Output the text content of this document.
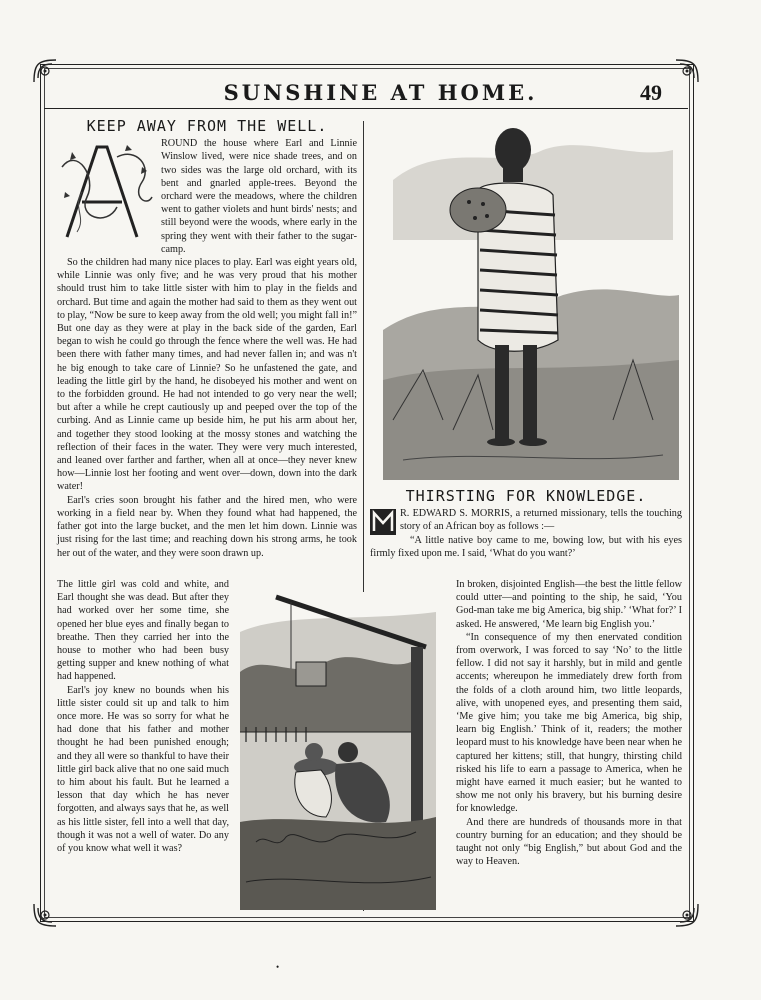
SUNSHINE AT HOME.	49
KEEP AWAY FROM THE WELL.

ROUND the house where Earl and Linnie Winslow lived, were nice shade trees, and on two sides was the large old orchard, with its bent and gnarled apple-trees. Beyond the orchard were the meadows, where the children went to gather violets and hunt birds' nests; and still beyond were the woods, where early in the spring they went with their father to the sugar-camp.

So the children had many nice places to play. Earl was eight years old, while Linnie was only five; and he was very proud that his mother should trust him to take little sister with him to play in the fields and orchard. But time and again the mother had said to them as they went out to play, “Now be sure to keep away from the old well; you might fall in!” But one day as they were at play in the back side of the garden, Earl began to wish he could go through the fence where the well was. He had been there with father many times, and had never fallen in; and was n't he big enough to take care of Linnie? So he unfastened the gate, and leading the little girl by the hand, he disobeyed his mother and went on to the forbidden ground. He had not intended to go very near the well; but after a while he crept cautiously up and peeped over the top of the curbing. And as Linnie came up beside him, he put his arm about her, and together they stood looking at the mossy stones and watching the reflection of their faces in the water. They were very much interested, and leaned over farther and farther, when all at once—they never knew how—Linnie lost her footing and went over—down, down into the dark water!

Earl's cries soon brought his father and the hired men, who were working in a field near by. When they found what had happened, the father got into the large bucket, and the men let him down. Linnie was just rising for the last time; and reaching down his strong arms, he took her out of the water, and they were soon drawn up.

The little girl was cold and white, and Earl thought she was dead. But after they had worked over her some time, she opened her blue eyes and finally began to breathe. Then they carried her into the house to mother who had been busy getting supper and knew nothing of what had happened.

Earl's joy knew no bounds when his little sister could sit up and talk to him once more. He was so sorry for what he had done that his father and mother thought he had been punished enough; and they all were so thankful to have their little girl back alive that no one said much to him about his fault. But he learned a lesson that day which he has never forgotten, and always says that he, as well as his little sister, fell into a well that day, though it was not a well of water. Do any of you know what well it was?

THIRSTING FOR KNOWLEDGE.

R. EDWARD S. MORRIS, a returned missionary, tells the touching story of an African boy as follows :—

“A little native boy came to me, bowing low, but with his eyes firmly fixed upon me. I said, ‘What do you want?’

In broken, disjointed English—the best the little fellow could utter—and pointing to the ship, he said, ‘You God-man take me big America, big ship.’ ‘What for?’ I asked. He answered, ‘Me learn big English you.’

“In consequence of my then enervated condition from overwork, I was forced to say ‘No’ to the little fellow. I did not say it harshly, but in mild and gentle accents; whereupon he immediately drew forth from the folds of a cloth around him, two little leopards, alive, with unopened eyes, and presenting them said, ‘Me give him; you take me big America, big ship, learn big English.’ Think of it, readers; the mother leopard must to his knowledge have been near when he captured her kittens; still, that hungry, thirsting child risked his life to earn a passage to America, when he might have earned it much easier; but he wanted to show me not only his bravery, but his burning desire for knowledge.

And there are hundreds of thousands more in that country burning for an education; and they should be taught not only “big English,” but about God and the way to Heaven.

•
